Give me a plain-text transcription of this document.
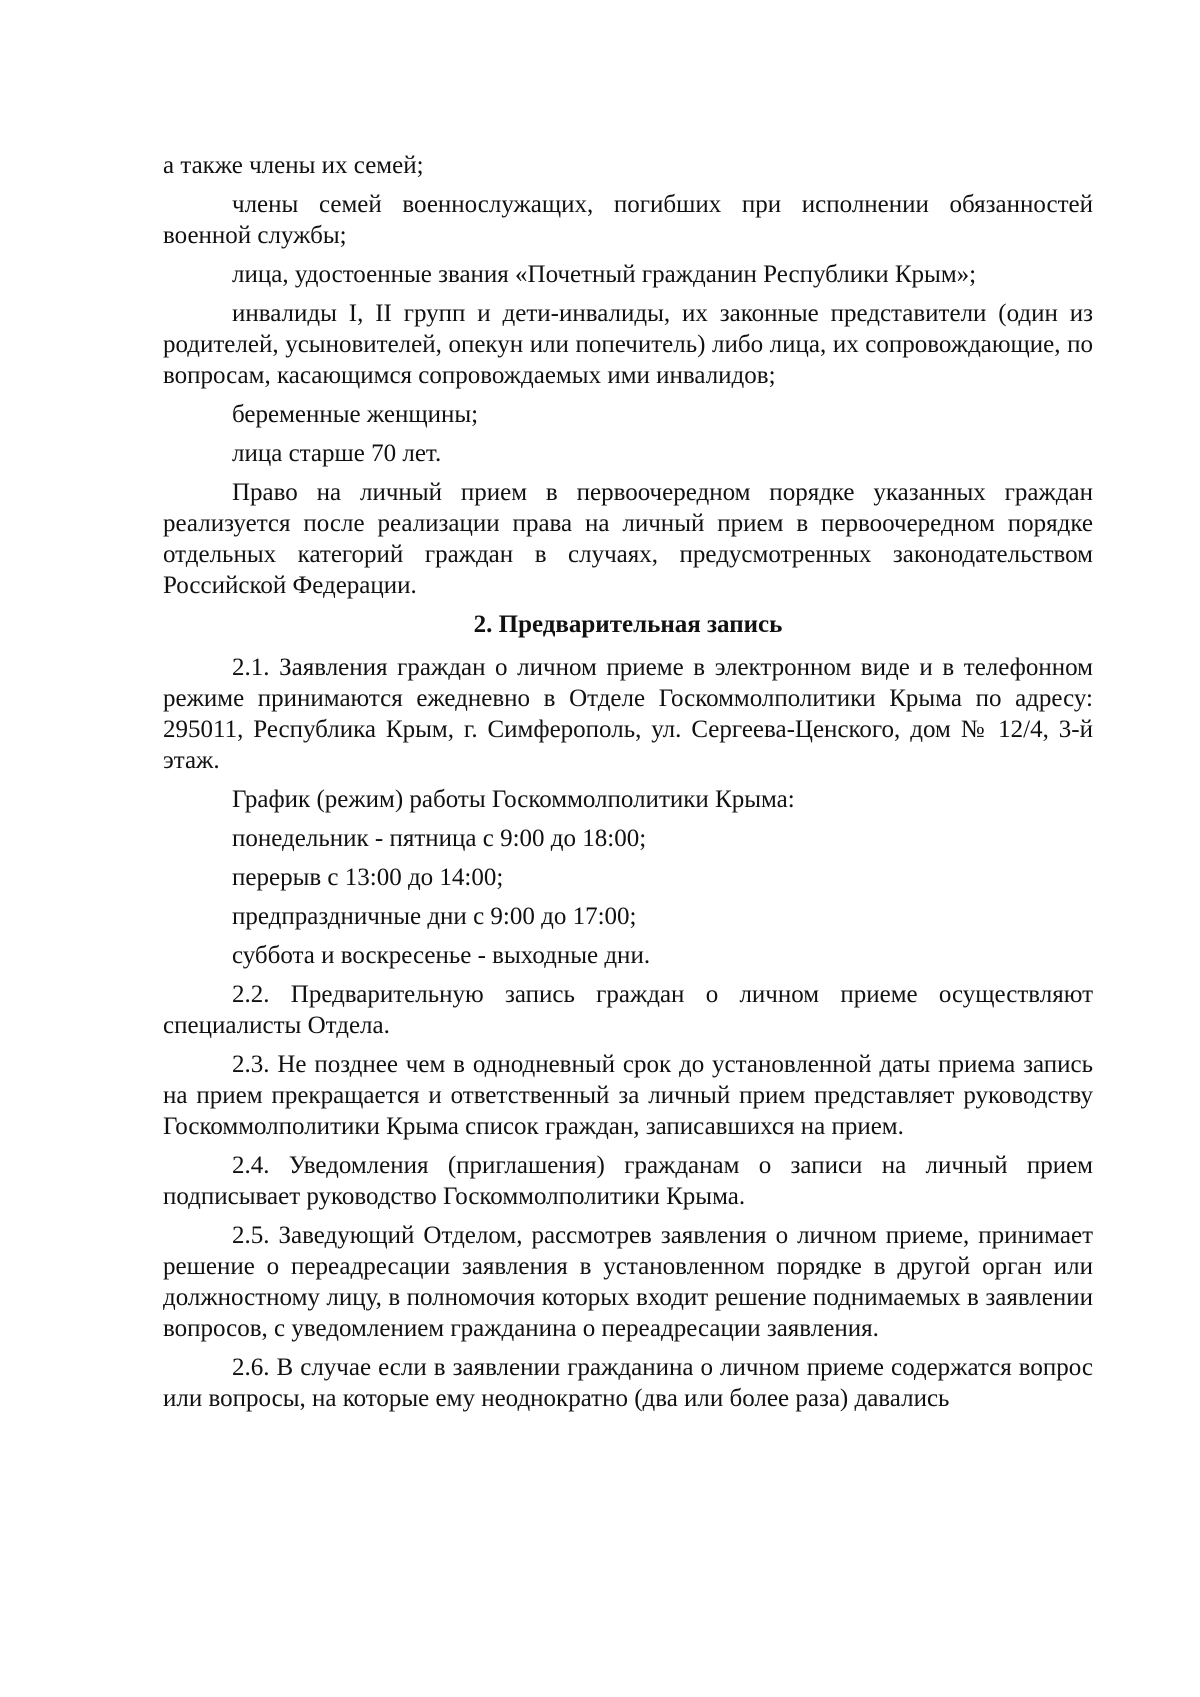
а также члены их семей;

члены семей военнослужащих, погибших при исполнении обязанностей военной службы;

лица, удостоенные звания «Почетный гражданин Республики Крым»;

инвалиды I, II групп и дети-инвалиды, их законные представители (один из родителей, усыновителей, опекун или попечитель) либо лица, их сопровождающие, по вопросам, касающимся сопровождаемых ими инвалидов;

беременные женщины;

лица старше 70 лет.

Право на личный прием в первоочередном порядке указанных граждан реализуется после реализации права на личный прием в первоочередном порядке отдельных категорий граждан в случаях, предусмотренных законодательством Российской Федерации.

2. Предварительная запись

2.1. Заявления граждан о личном приеме в электронном виде и в телефонном режиме принимаются ежедневно в Отделе Госкоммолполитики Крыма по адресу: 295011, Республика Крым, г. Симферополь, ул. Сергеева-Ценского, дом № 12/4, 3-й этаж.

График (режим) работы Госкоммолполитики Крыма:

понедельник - пятница с 9:00 до 18:00;

перерыв с 13:00 до 14:00;

предпраздничные дни с 9:00 до 17:00;

суббота и воскресенье - выходные дни.

2.2. Предварительную запись граждан о личном приеме осуществляют специалисты Отдела.

2.3. Не позднее чем в однодневный срок до установленной даты приема запись на прием прекращается и ответственный за личный прием представляет руководству Госкоммолполитики Крыма список граждан, записавшихся на прием.

2.4. Уведомления (приглашения) гражданам о записи на личный прием подписывает руководство Госкоммолполитики Крыма.

2.5. Заведующий Отделом, рассмотрев заявления о личном приеме, принимает решение о переадресации заявления в установленном порядке в другой орган или должностному лицу, в полномочия которых входит решение поднимаемых в заявлении вопросов, с уведомлением гражданина о переадресации заявления.

2.6. В случае если в заявлении гражданина о личном приеме содержатся вопрос или вопросы, на которые ему неоднократно (два или более раза) давались
